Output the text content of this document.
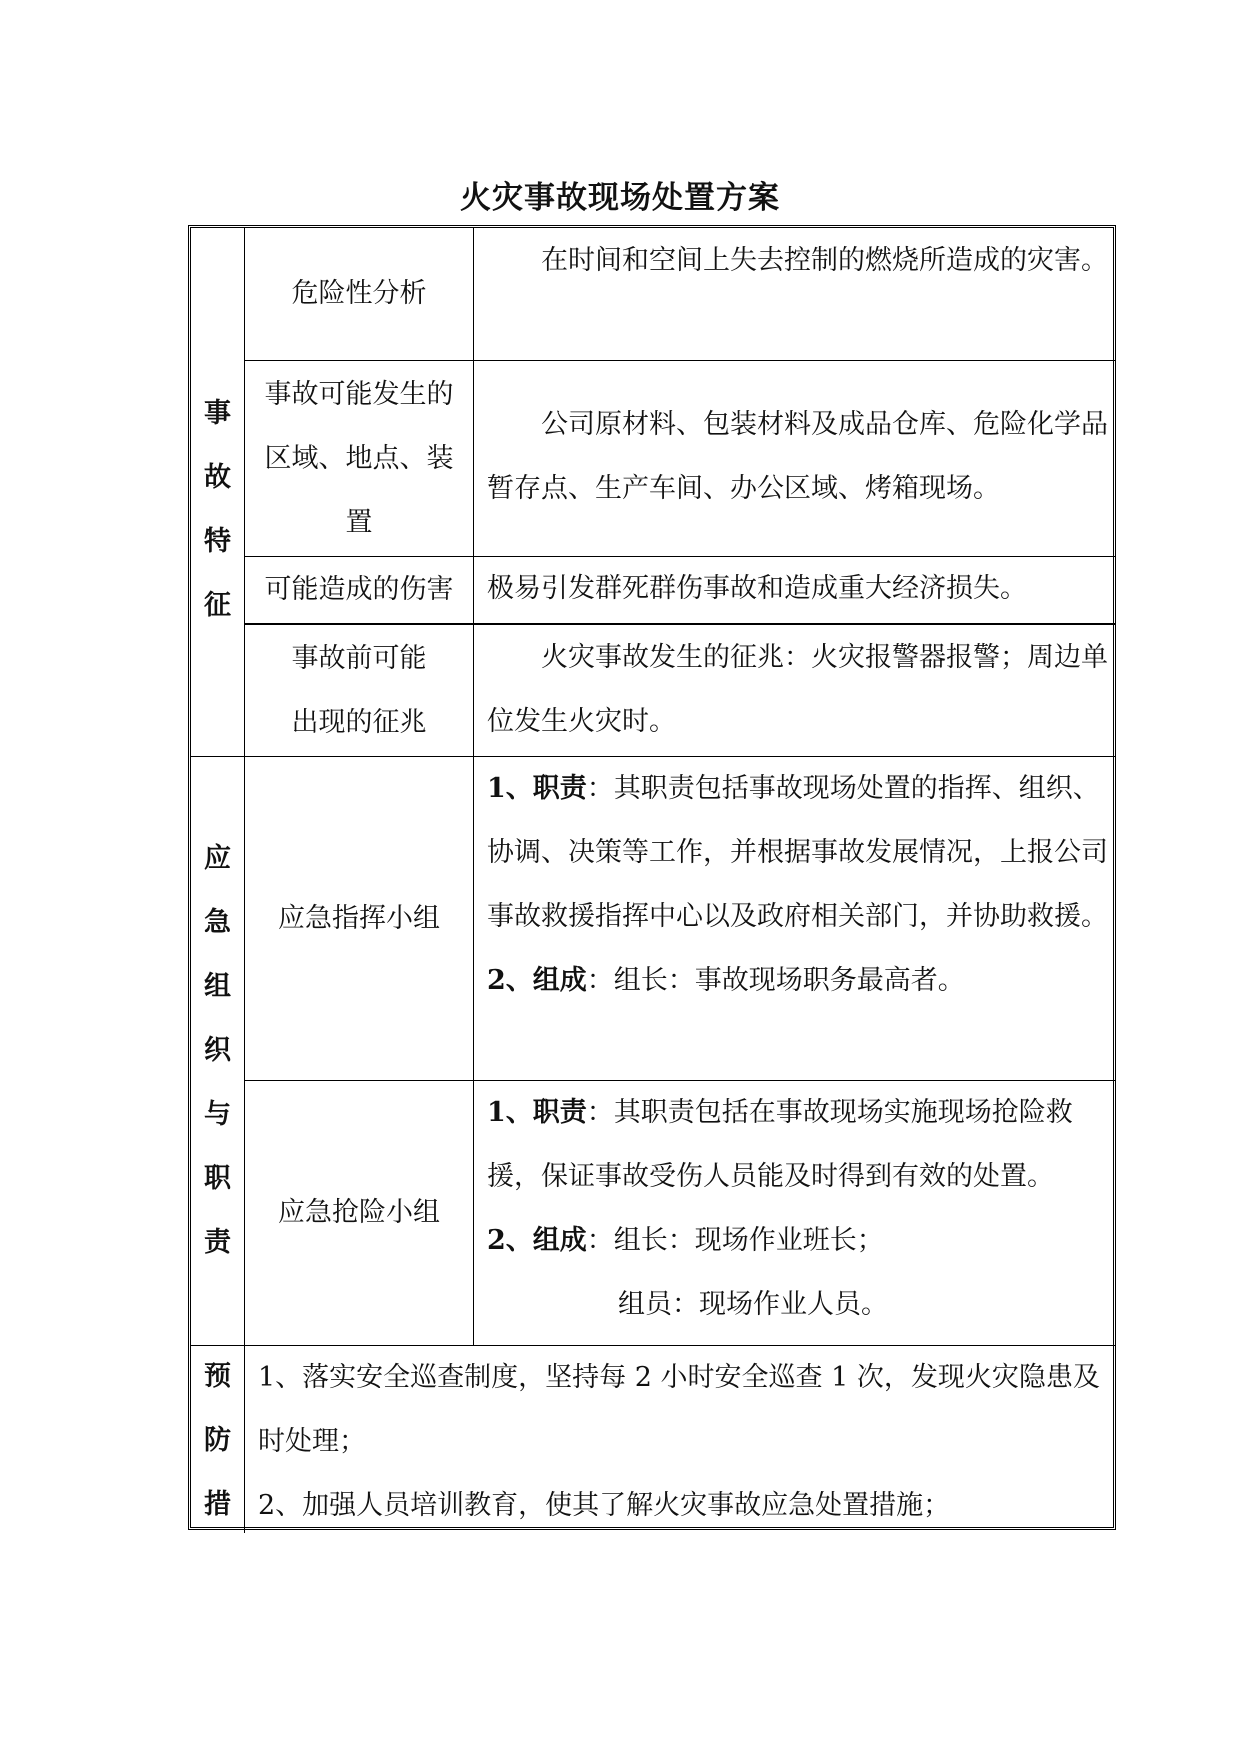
火灾事故现场处置方案
事
故
特
征
应
急
组
织
与
职
责
预
防
措
危险性分析
在时间和空间上失去控制的燃烧所造成的灾害。
事故可能发生的区域、地点、装置
公司原材料、包装材料及成品仓库、危险化学品暂存点、生产车间、办公区域、烤箱现场。
可能造成的伤害	极易引发群死群伤事故和造成重大经济损失。
事故前可能
出现的征兆
火灾事故发生的征兆：火灾报警器报警；周边单位发生火灾时。
应急指挥小组
1、职责：其职责包括事故现场处置的指挥、组织、协调、决策等工作，并根据事故发展情况，上报公司事故救援指挥中心以及政府相关部门，并协助救援。
2、组成：组长：事故现场职务最高者。
应急抢险小组
1、职责：其职责包括在事故现场实施现场抢险救援，保证事故受伤人员能及时得到有效的处置。
2、组成：组长：现场作业班长；
组员：现场作业人员。
1、落实安全巡查制度，坚持每 2 小时安全巡查 1 次，发现火灾隐患及时处理；
2、加强人员培训教育，使其了解火灾事故应急处置措施；
